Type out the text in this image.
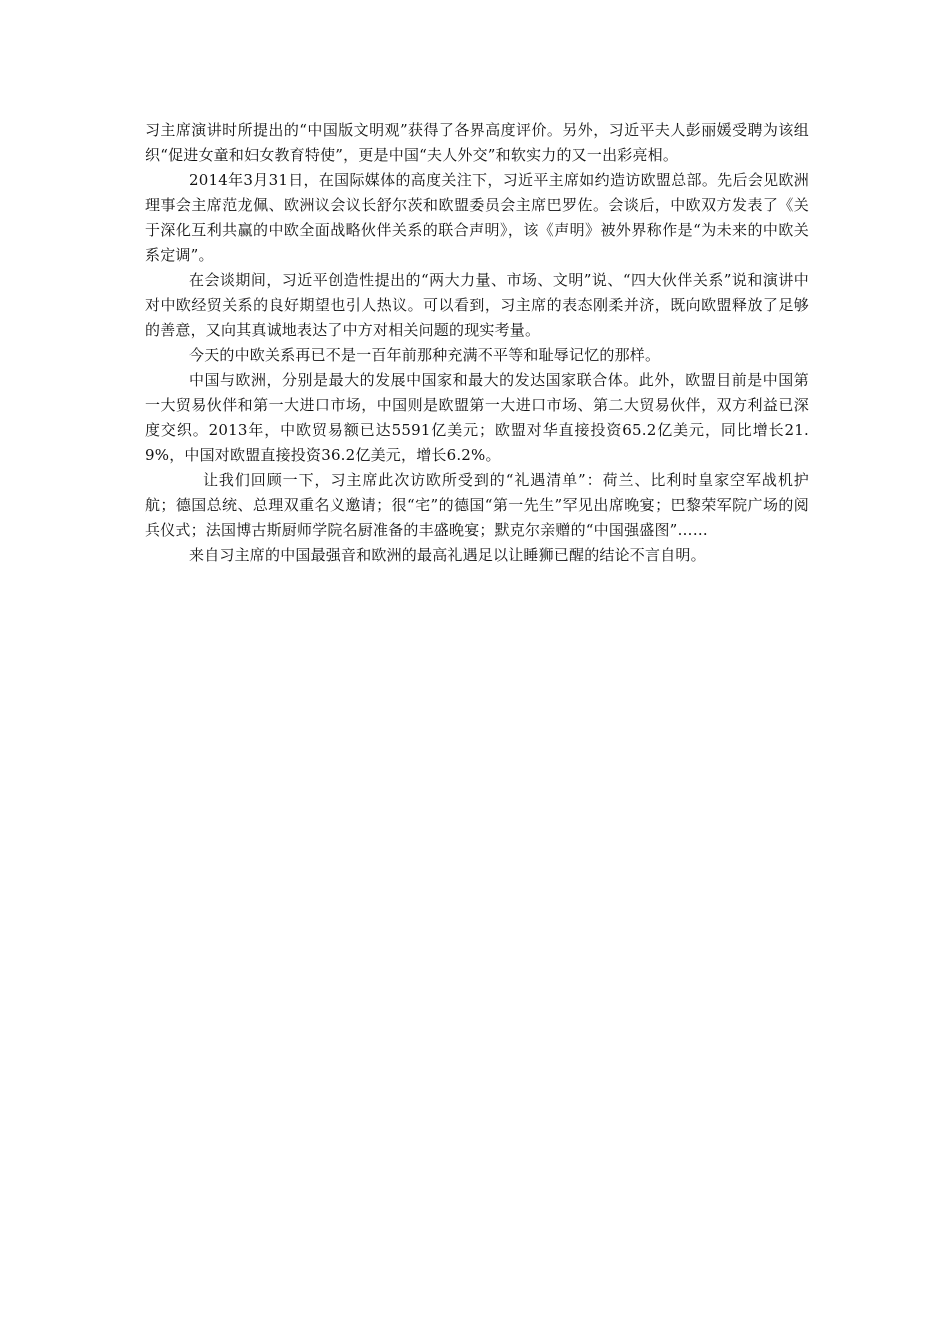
习主席演讲时所提出的“中国版文明观”获得了各界高度评价。另外，习近平夫人彭丽媛受聘为该组织“促进女童和妇女教育特使”，更是中国“夫人外交”和软实力的又一出彩亮相。

2014年3月31日，在国际媒体的高度关注下，习近平主席如约造访欧盟总部。先后会见欧洲理事会主席范龙佩、欧洲议会议长舒尔茨和欧盟委员会主席巴罗佐。会谈后，中欧双方发表了《关于深化互利共赢的中欧全面战略伙伴关系的联合声明》，该《声明》被外界称作是“为未来的中欧关系定调”。

在会谈期间，习近平创造性提出的“两大力量、市场、文明”说、“四大伙伴关系”说和演讲中对中欧经贸关系的良好期望也引人热议。可以看到，习主席的表态刚柔并济，既向欧盟释放了足够的善意，又向其真诚地表达了中方对相关问题的现实考量。

今天的中欧关系再已不是一百年前那种充满不平等和耻辱记忆的那样。

中国与欧洲，分别是最大的发展中国家和最大的发达国家联合体。此外，欧盟目前是中国第一大贸易伙伴和第一大进口市场，中国则是欧盟第一大进口市场、第二大贸易伙伴，双方利益已深度交织。2013年，中欧贸易额已达5591亿美元；欧盟对华直接投资65.2亿美元，同比增长21.9%，中国对欧盟直接投资36.2亿美元，增长6.2%。

让我们回顾一下，习主席此次访欧所受到的“礼遇清单”：荷兰、比利时皇家空军战机护航；德国总统、总理双重名义邀请；很“宅”的德国“第一先生”罕见出席晚宴；巴黎荣军院广场的阅兵仪式；法国博古斯厨师学院名厨准备的丰盛晚宴；默克尔亲赠的“中国强盛图”……

来自习主席的中国最强音和欧洲的最高礼遇足以让睡狮已醒的结论不言自明。
